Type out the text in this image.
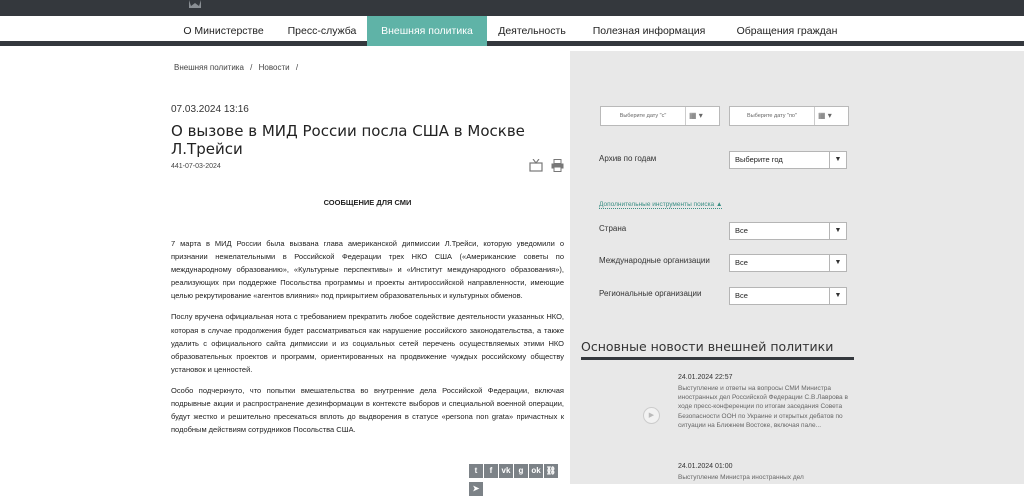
О Министерстве	Пресс-служба	Внешняя политика	Деятельность	Полезная информация	Обращения граждан
Внешняя политика / Новости /
07.03.2024 13:16
О вызове в МИД России посла США в Москве Л.Трейси
441-07-03-2024
СООБЩЕНИЕ ДЛЯ СМИ

7 марта в МИД России была вызвана глава американской дипмиссии Л.Трейси, которую уведомили о признании нежелательными в Российской Федерации трех НКО США («Американские советы по международному образованию», «Культурные перспективы» и «Институт международного образования»), реализующих при поддержке Посольства программы и проекты антироссийской направленности, имеющие целью рекрутирование «агентов влияния» под прикрытием образовательных и культурных обменов.

Послу вручена официальная нота с требованием прекратить любое содействие деятельности указанных НКО, которая в случае продолжения будет рассматриваться как нарушение российского законодательства, а также удалить с официального сайта дипмиссии и из социальных сетей перечень осуществляемых этими НКО образовательных проектов и программ, ориентированных на продвижение чуждых российскому обществу установок и ценностей.

Особо подчеркнуто, что попытки вмешательства во внутренние дела Российской Федерации, включая подрывные акции и распространение дезинформации в контексте выборов и специальной военной операции, будут жестко и решительно пресекаться вплоть до выдворения в статусе «persona non grata» причастных к подобным действиям сотрудников Посольства США.

t f vk g ok ⛓➤
Выберите дату "с"	▦ ▾	Выберите дату "по"	▦ ▾
Архив по годам	Выберите год	▼
Дополнительные инструменты поиска ▲
Страна	Все	▼
Международные организации	Все	▼
Региональные организации	Все	▼
Основные новости внешней политики
▶
24.01.2024 22:57
Выступление и ответы на вопросы СМИ Министра иностранных дел Российской Федерации С.В.Лаврова в ходе пресс-конференции по итогам заседания Совета Безопасности ООН по Украине и открытых дебатов по ситуации на Ближнем Востоке, включая пале...
24.01.2024 01:00
Выступление Министра иностранных дел
